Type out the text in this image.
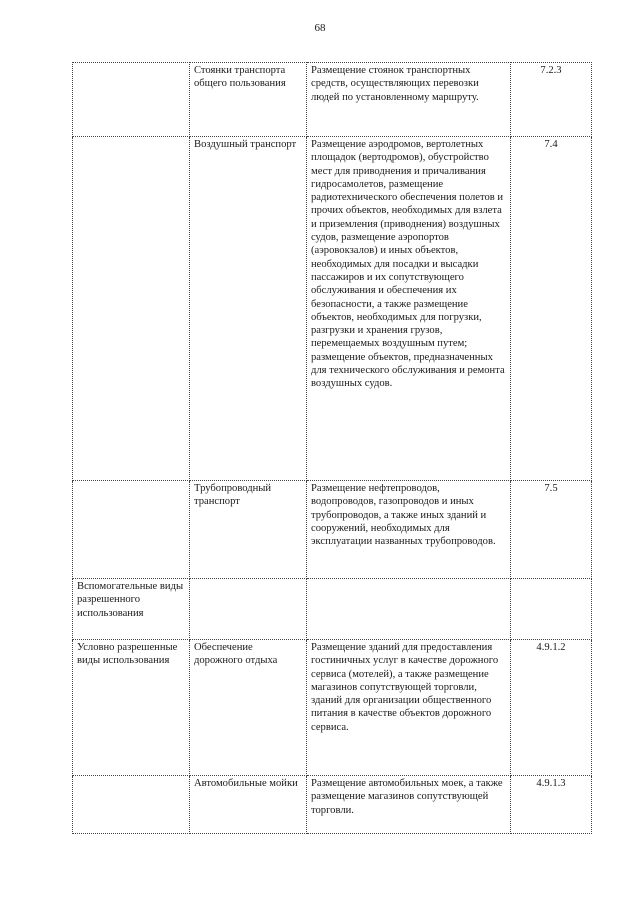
68
	Стоянки транспорта общего пользования	Размещение стоянок транспортных средств, осуществляющих перевозки людей по установленному маршруту.	7.2.3
	Воздушный транспорт	Размещение аэродромов, вертолетных площадок (вертодромов), обустройство мест для приводнения и причаливания гидросамолетов, размещение радиотехнического обеспечения полетов и прочих объектов, необходимых для взлета и приземления (приводнения) воздушных судов, размещение аэропортов (аэровокзалов) и иных объектов, необходимых для посадки и высадки пассажиров и их сопутствующего обслуживания и обеспечения их безопасности, а также размещение объектов, необходимых для погрузки, разгрузки и хранения грузов, перемещаемых воздушным путем; размещение объектов, предназначенных для технического обслуживания и ремонта воздушных судов.	7.4
	Трубопроводный транспорт	Размещение нефтепроводов, водопроводов, газопроводов и иных трубопроводов, а также иных зданий и сооружений, необходимых для эксплуатации названных трубопроводов.	7.5
Вспомогательные виды разрешенного использования			
Условно разрешенные виды использования	Обеспечение дорожного отдыха	Размещение зданий для предоставления гостиничных услуг в качестве дорожного сервиса (мотелей), а также размещение магазинов сопутствующей торговли, зданий для организации общественного питания в качестве объектов дорожного сервиса.	4.9.1.2
	Автомобильные мойки	Размещение автомобильных моек, а также размещение магазинов сопутствующей торговли.	4.9.1.3
